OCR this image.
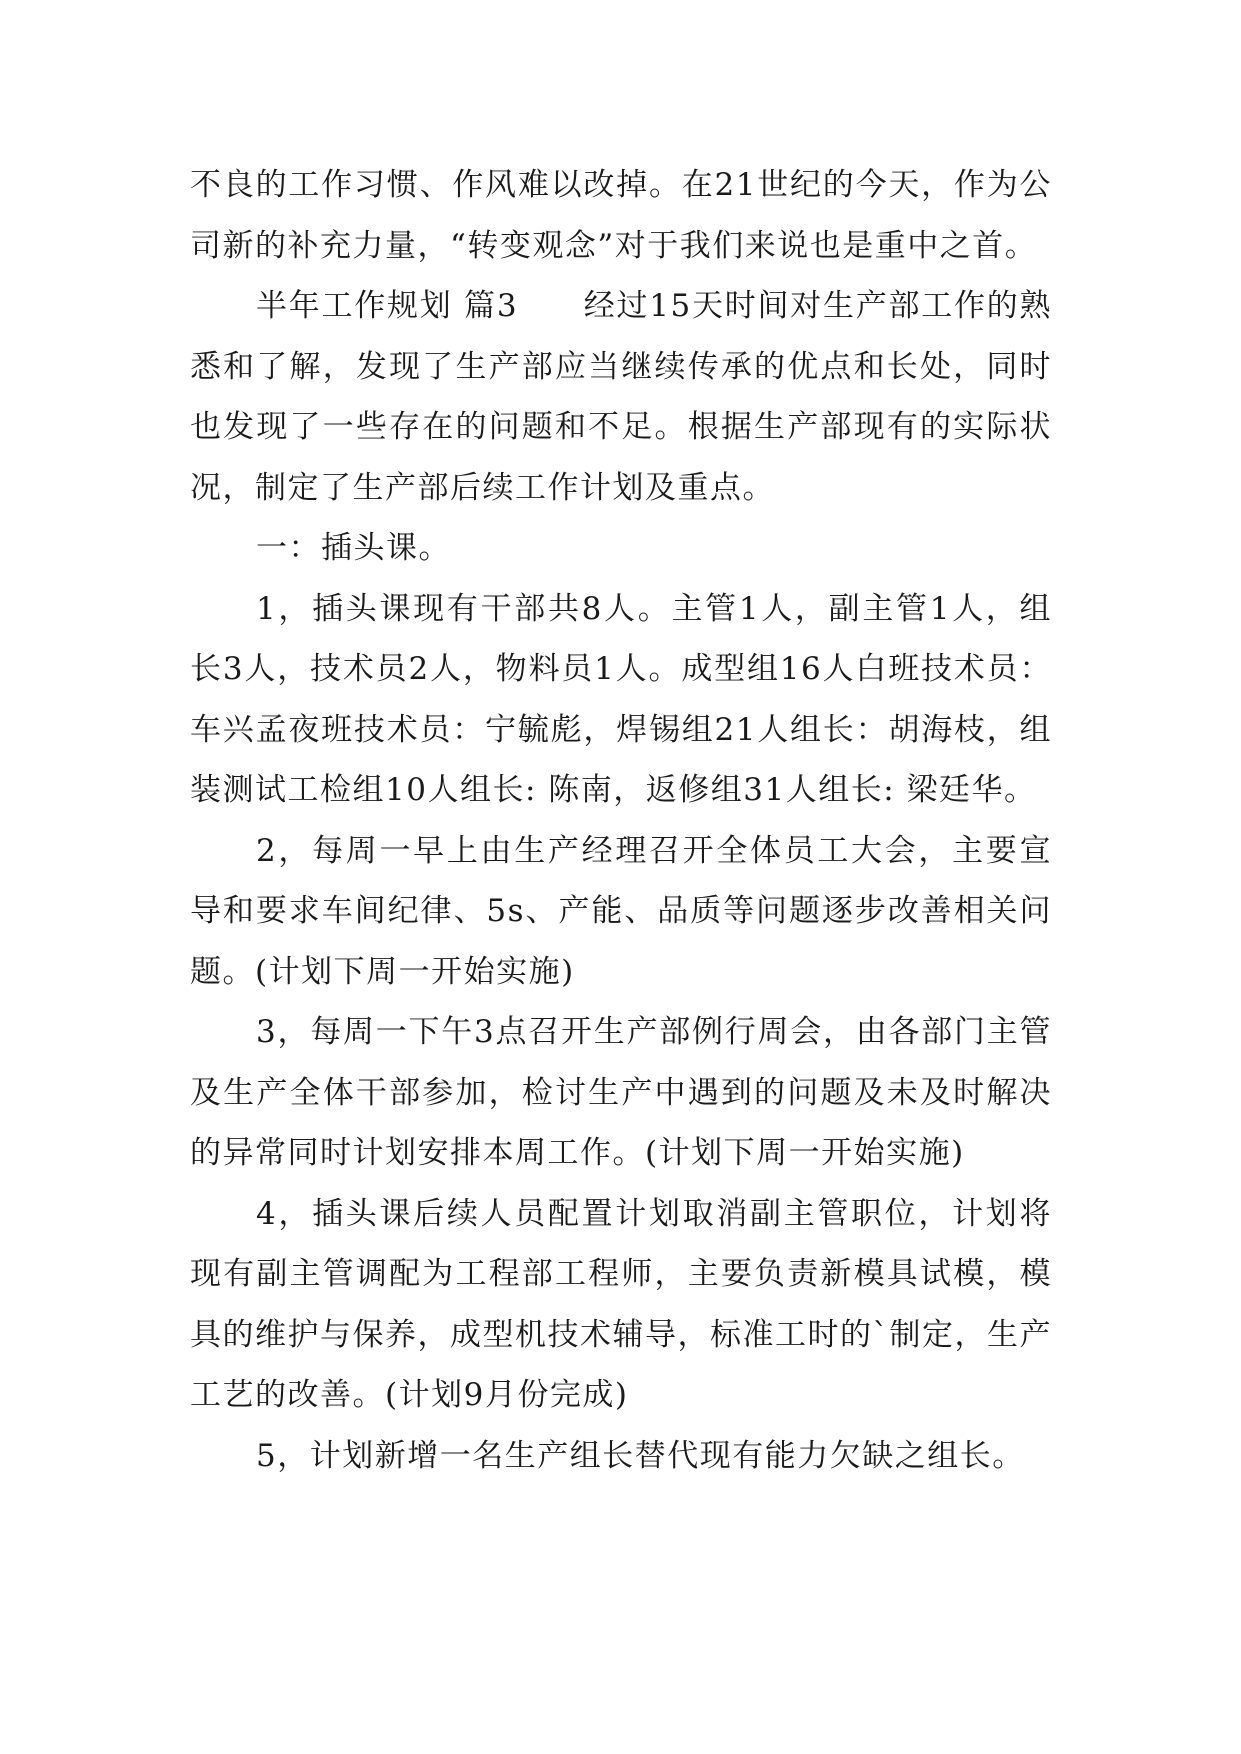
不良的工作习惯、作风难以改掉。在21世纪的今天，作为公司新的补充力量，“转变观念”对于我们来说也是重中之首。

半年工作规划 篇3　　经过15天时间对生产部工作的熟悉和了解，发现了生产部应当继续传承的优点和长处，同时也发现了一些存在的问题和不足。根据生产部现有的实际状况，制定了生产部后续工作计划及重点。

一：插头课。

1，插头课现有干部共8人。主管1人，副主管1人，组长3人，技术员2人，物料员1人。成型组16人白班技术员：车兴孟夜班技术员：宁毓彪，焊锡组21人组长：胡海枝，组装测试工检组10人组长: 陈南，返修组31人组长: 梁廷华。

2，每周一早上由生产经理召开全体员工大会，主要宣导和要求车间纪律、5s、产能、品质等问题逐步改善相关问题。(计划下周一开始实施)

3，每周一下午3点召开生产部例行周会，由各部门主管及生产全体干部参加，检讨生产中遇到的问题及未及时解决的异常同时计划安排本周工作。(计划下周一开始实施)

4，插头课后续人员配置计划取消副主管职位，计划将现有副主管调配为工程部工程师，主要负责新模具试模，模具的维护与保养，成型机技术辅导，标准工时的`制定，生产工艺的改善。(计划9月份完成)

5，计划新增一名生产组长替代现有能力欠缺之组长。
